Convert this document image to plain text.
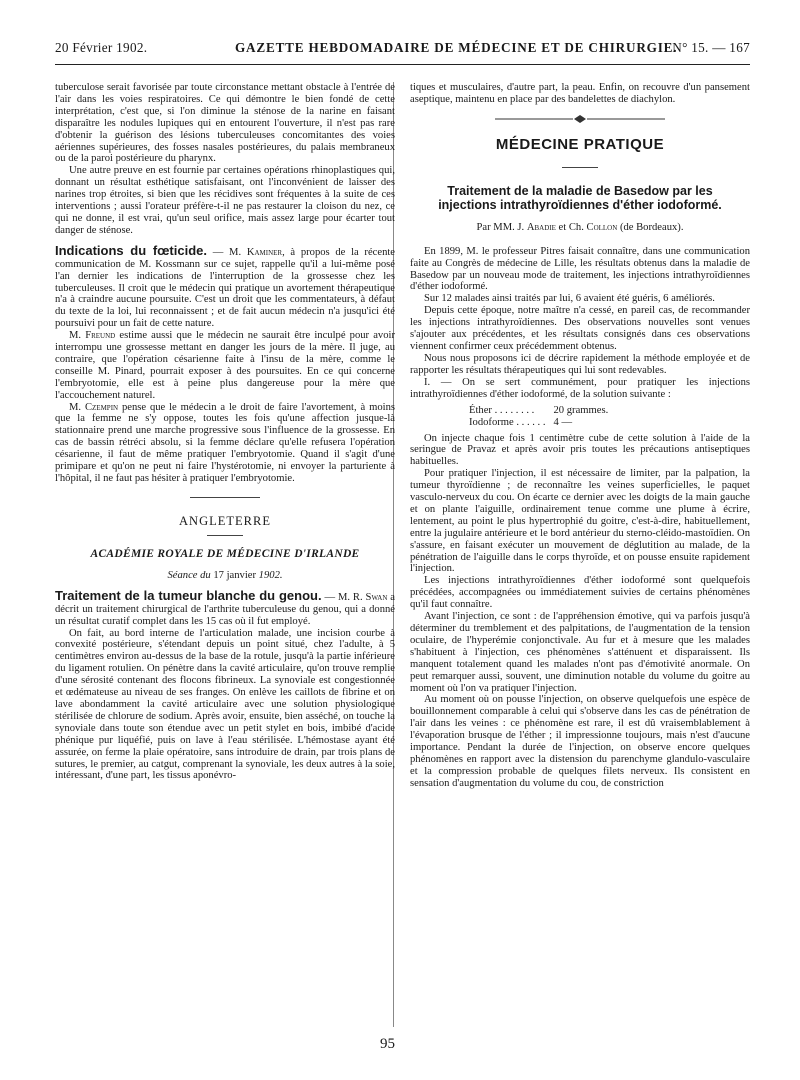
20 Février 1902.	GAZETTE HEBDOMADAIRE DE MÉDECINE ET DE CHIRURGIE.
N° 15. — 167

tuberculose serait favorisée par toute circonstance mettant obstacle à l'entrée de l'air dans les voies respiratoires. Ce qui démontre le bien fondé de cette interprétation, c'est que, si l'on diminue la sténose de la narine en faisant disparaître les nodules lupiques qui en entourent l'ouverture, il n'est pas rare d'obtenir la guérison des lésions tuberculeuses concomitantes des voies aériennes supérieures, des fosses nasales postérieures, du palais membraneux ou de la paroi postérieure du pharynx.

Une autre preuve en est fournie par certaines opérations rhinoplastiques qui, donnant un résultat esthétique satisfaisant, ont l'inconvénient de laisser des narines trop étroites, si bien que les récidives sont fréquentes à la suite de ces interventions ; aussi l'orateur préfère-t-il ne pas restaurer la cloison du nez, ce qui ne donne, il est vrai, qu'un seul orifice, mais assez large pour écarter tout danger de sténose.

Indications du fœticide. — M. Kaminer, à propos de la récente communication de M. Kossmann sur ce sujet, rappelle qu'il a lui-même posé l'an dernier les indications de l'interruption de la grossesse chez les tuberculeuses. Il croit que le médecin qui pratique un avortement thérapeutique n'a à craindre aucune poursuite. C'est un droit que les commentateurs, à défaut du texte de la loi, lui reconnaissent ; et de fait aucun médecin n'a jusqu'ici été poursuivi pour un fait de cette nature.

M. Freund estime aussi que le médecin ne saurait être inculpé pour avoir interrompu une grossesse mettant en danger les jours de la mère. Il juge, au contraire, que l'opération césarienne faite à l'insu de la mère, comme le conseille M. Pinard, pourrait exposer à des poursuites. En ce qui concerne l'embryotomie, elle est à peine plus dangereuse pour la mère que l'accouchement naturel.

M. Czempin pense que le médecin a le droit de faire l'avortement, à moins que la femme ne s'y oppose, toutes les fois qu'une affection jusque-là stationnaire prend une marche progressive sous l'influence de la grossesse. En cas de bassin rétréci absolu, si la femme déclare qu'elle refusera l'opération césarienne, il faut de même pratiquer l'embryotomie. Quand il s'agit d'une primipare et qu'on ne peut ni faire l'hystérotomie, ni envoyer la parturiente à l'hôpital, il ne faut pas hésiter à pratiquer l'embryotomie.

ANGLETERRE
ACADÉMIE ROYALE DE MÉDECINE D'IRLANDE

Séance du 17 janvier 1902.

Traitement de la tumeur blanche du genou. — M. R. Swan a décrit un traitement chirurgical de l'arthrite tuberculeuse du genou, qui a donné un résultat curatif complet dans les 15 cas où il fut employé.

On fait, au bord interne de l'articulation malade, une incision courbe à convexité postérieure, s'étendant depuis un point situé, chez l'adulte, à 5 centimètres environ au-dessus de la base de la rotule, jusqu'à la partie inférieure du ligament rotulien. On pénètre dans la cavité articulaire, qu'on trouve remplie d'une sérosité contenant des flocons fibrineux. La synoviale est congestionnée et œdémateuse au niveau de ses franges. On enlève les caillots de fibrine et on lave abondamment la cavité articulaire avec une solution physiologique stérilisée de chlorure de sodium. Après avoir, ensuite, bien asséché, on touche la synoviale dans toute son étendue avec un petit stylet en bois, imbibé d'acide phénique pur liquéfié, puis on lave à l'eau stérilisée. L'hémostase ayant été assurée, on ferme la plaie opératoire, sans introduire de drain, par trois plans de sutures, le premier, au catgut, comprenant la synoviale, les deux autres à la soie, intéressant, d'une part, les tissus aponévro-

tiques et musculaires, d'autre part, la peau. Enfin, on recouvre d'un pansement aseptique, maintenu en place par des bandelettes de diachylon.

MÉDECINE PRATIQUE
Traitement de la maladie de Basedow par les injections intrathyroïdiennes d'éther iodoformé.

Par MM. J. Abadie et Ch. Collon (de Bordeaux).

En 1899, M. le professeur Pitres faisait connaître, dans une communication faite au Congrès de médecine de Lille, les résultats obtenus dans la maladie de Basedow par un nouveau mode de traitement, les injections intrathyroïdiennes d'éther iodoformé.

Sur 12 malades ainsi traités par lui, 6 avaient été guéris, 6 améliorés.

Depuis cette époque, notre maître n'a cessé, en pareil cas, de recommander les injections intrathyroïdiennes. Des observations nouvelles sont venues s'ajouter aux précédentes, et les résultats consignés dans ces observations viennent confirmer ceux précédemment obtenus.

Nous nous proposons ici de décrire rapidement la méthode employée et de rapporter les résultats thérapeutiques qui lui sont redevables.

I. — On se sert communément, pour pratiquer les injections intrathyroïdiennes d'éther iodoformé, de la solution suivante :

Éther . . . . . . . .	20 grammes.
Iodoforme . . . . . .	4 —

On injecte chaque fois 1 centimètre cube de cette solution à l'aide de la seringue de Pravaz et après avoir pris toutes les précautions antiseptiques habituelles.

Pour pratiquer l'injection, il est nécessaire de limiter, par la palpation, la tumeur thyroïdienne ; de reconnaître les veines superficielles, le paquet vasculo-nerveux du cou. On écarte ce dernier avec les doigts de la main gauche et on plante l'aiguille, ordinairement tenue comme une plume à écrire, lentement, au point le plus hypertrophié du goitre, c'est-à-dire, habituellement, entre la jugulaire antérieure et le bord antérieur du sterno-cléido-mastoïdien. On s'assure, en faisant exécuter un mouvement de déglutition au malade, de la pénétration de l'aiguille dans le corps thyroïde, et on pousse ensuite rapidement l'injection.

Les injections intrathyroïdiennes d'éther iodoformé sont quelquefois précédées, accompagnées ou immédiatement suivies de certains phénomènes qu'il faut connaître.

Avant l'injection, ce sont : de l'appréhension émotive, qui va parfois jusqu'à déterminer du tremblement et des palpitations, de l'augmentation de la tension oculaire, de l'hyperémie conjonctivale. Au fur et à mesure que les malades s'habituent à l'injection, ces phénomènes s'atténuent et disparaissent. Ils manquent totalement quand les malades n'ont pas d'émotivité anormale. On peut remarquer aussi, souvent, une diminution notable du volume du goitre au moment où l'on va pratiquer l'injection.

Au moment où on pousse l'injection, on observe quelquefois une espèce de bouillonnement comparable à celui qui s'observe dans les cas de pénétration de l'air dans les veines : ce phénomène est rare, il est dû vraisemblablement à l'évaporation brusque de l'éther ; il impressionne toujours, mais n'est d'aucune importance. Pendant la durée de l'injection, on observe encore quelques phénomènes en rapport avec la distension du parenchyme glandulo-vasculaire et la compression probable de quelques filets nerveux. Ils consistent en sensation d'augmentation du volume du cou, de constriction

95
